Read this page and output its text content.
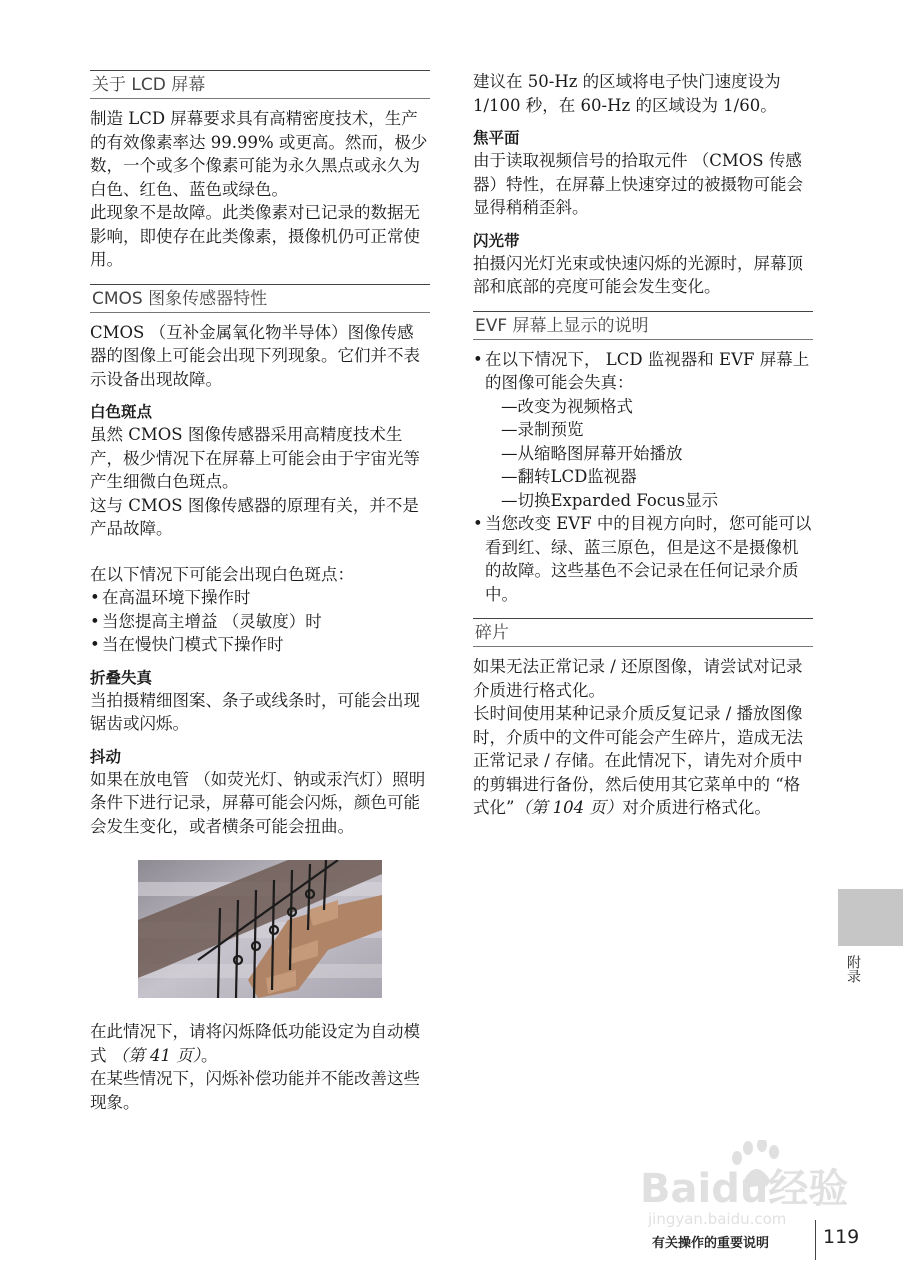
关于 LCD 屏幕

制造 LCD 屏幕要求具有高精密度技术，生产的有效像素率达 99.99% 或更高。然而，极少数，一个或多个像素可能为永久黑点或永久为白色、红色、蓝色或绿色。

此现象不是故障。此类像素对已记录的数据无影响，即使存在此类像素，摄像机仍可正常使用。

CMOS 图象传感器特性

CMOS （互补金属氧化物半导体）图像传感器的图像上可能会出现下列现象。它们并不表示设备出现故障。

白色斑点

虽然 CMOS 图像传感器采用高精度技术生产，极少情况下在屏幕上可能会由于宇宙光等产生细微白色斑点。

这与 CMOS 图像传感器的原理有关，并不是产品故障。

在以下情况下可能会出现白色斑点：

• 在高温环境下操作时
• 当您提高主增益 （灵敏度）时
• 当在慢快门模式下操作时
折叠失真

当拍摄精细图案、条子或线条时，可能会出现锯齿或闪烁。

抖动

如果在放电管 （如荧光灯、钠或汞汽灯）照明条件下进行记录，屏幕可能会闪烁，颜色可能会发生变化，或者横条可能会扭曲。

在此情况下，请将闪烁降低功能设定为自动模式 （第 41 页）。

在某些情况下，闪烁补偿功能并不能改善这些现象。

建议在 50-Hz 的区域将电子快门速度设为 1/100 秒，在 60-Hz 的区域设为 1/60。

焦平面

由于读取视频信号的拾取元件 （CMOS 传感器）特性，在屏幕上快速穿过的被摄物可能会显得稍稍歪斜。

闪光带

拍摄闪光灯光束或快速闪烁的光源时，屏幕顶部和底部的亮度可能会发生变化。

EVF 屏幕上显示的说明
• 在以下情况下， LCD 监视器和 EVF 屏幕上的图像可能会失真：
—改变为视频格式
—录制预览
—从缩略图屏幕开始播放
—翻转LCD监视器
—切换Exparded Focus显示
• 当您改变 EVF 中的目视方向时，您可能可以看到红、绿、蓝三原色，但是这不是摄像机的故障。这些基色不会记录在任何记录介质中。
碎片

如果无法正常记录 / 还原图像，请尝试对记录介质进行格式化。

长时间使用某种记录介质反复记录 / 播放图像时，介质中的文件可能会产生碎片，造成无法正常记录 / 存储。在此情况下，请先对介质中的剪辑进行备份，然后使用其它菜单中的 “格式化”（第 104 页）对介质进行格式化。

附录
Baidu经验
jingyan.baidu.com
有关操作的重要说明	119
